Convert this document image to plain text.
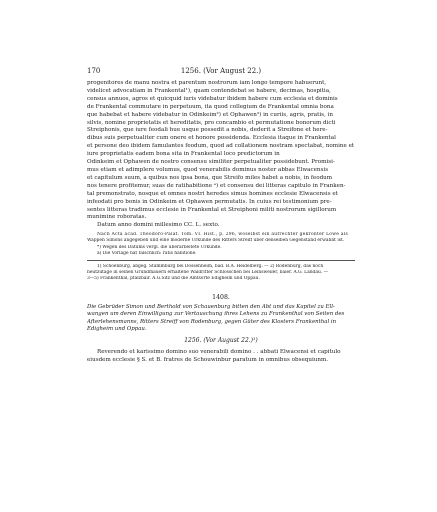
170	1256. (Vor August 22.)
progenitores de manu nostra et parentum nostrorum iam longo tempore habuerunt,
videlicet advocatiam in Frankental¹), quam contendebat se habere, decimas, hospitia,
census annuos, agros et quicquid iuris videbatur ibidem habere cum ecclesia et dominis
de Frankental commutare in perpetuum, ita quod collegium de Frankental omnia bona
que habebat et habere videbatur in Odinkeim²) et Ophawen³) in curiis, agris, pratis, in
silvis, nomine proprietatis et hereditatis, pro concambio et permutatione bonorum dicti
Streiphonis, que iure feodali hue usque possedit a nobis, dederit a Streifone et here-
dibus suis perpetualiter cum onere et honore possidenda. Ecclesia itaque in Frankental
et persone deo ibidem famulantes feodum, quod ad collationem nostram spectabat, nomine et
iure proprietatis eadem bona sita in Frankental loco predictorum in
Odinkeim et Ophawen de nostro consensu similiter perpetualiter possidebunt. Promisi-
mus etiam et adimplere volumus, quod venerabilis dominus noster abbas Elwacensis
et capitulum suum, a quibus nos ipsa bona, que Streifo miles habet a nobis, in feodum
nos tenere profitemur, suas de ratihabitione ᵃ) et consensu dei litteras capitulo in Franken-
tal premonstrato, nosque et omnes nostri heredes simus homines ecclesie Elwacensis et
infeodati pro bonis in Odinkeim et Ophawen permutatis. In cuius rei testimonium pre-
sentes litteras tradimus ecclesie in Frankental et Streiphoni militi nostrorum sigillorum
munimine roboratas.
Datum anno domini millesimo CC. L. sexto.
Nach Acta acad. Theodoro-Palat. Tom. VI. Hist., p. 296, woselbst ein aufrechter gekrönter Löwe als
Wappen Simons angegeben und eine moderne Urkunde des Ritters Streiff über denselben Gegenstand erwähnt ist.
*) Wegen des Datums vergl. die überarbeitete Urkunde.
a) Die Vorlage hat fälschlich: ratis habitione.
1) Schoenburg, abgeg. Stammburg bei Dossenheim, bad. B.A. Heidelberg. — 2) Rodenburg, das noch
heutzutage in seinen Grundmauern erhaltene Waldritter Schlösschen bei Leinsweiler, baier. A.G. Landau. —
3—5) Frankenthal, pfälzbair. A.G.Sitz und die Amtsorte Edigheim und Oppau.
1408.
Die Gebrüder Simon und Berthold von Schauenburg bitten den Abt und das Kapitel zu Ell-
wangen um deren Einwilligung zur Vertauschung ihres Lehens zu Frankenthal von Seiten des
Afterlehensmanns, Ritters Streiff von Rodenburg, gegen Güter des Klosters Frankenthal in
Edigheim und Oppau.
1256. (Vor August 22.)¹)
Reverendo et karissimo domino suo venerabili domino . . abbati Elwacensi et capitulo
eiusdem ecclesie § S. et B. fratres de Schouwinbur paratum in omnibus obsequiunm.
